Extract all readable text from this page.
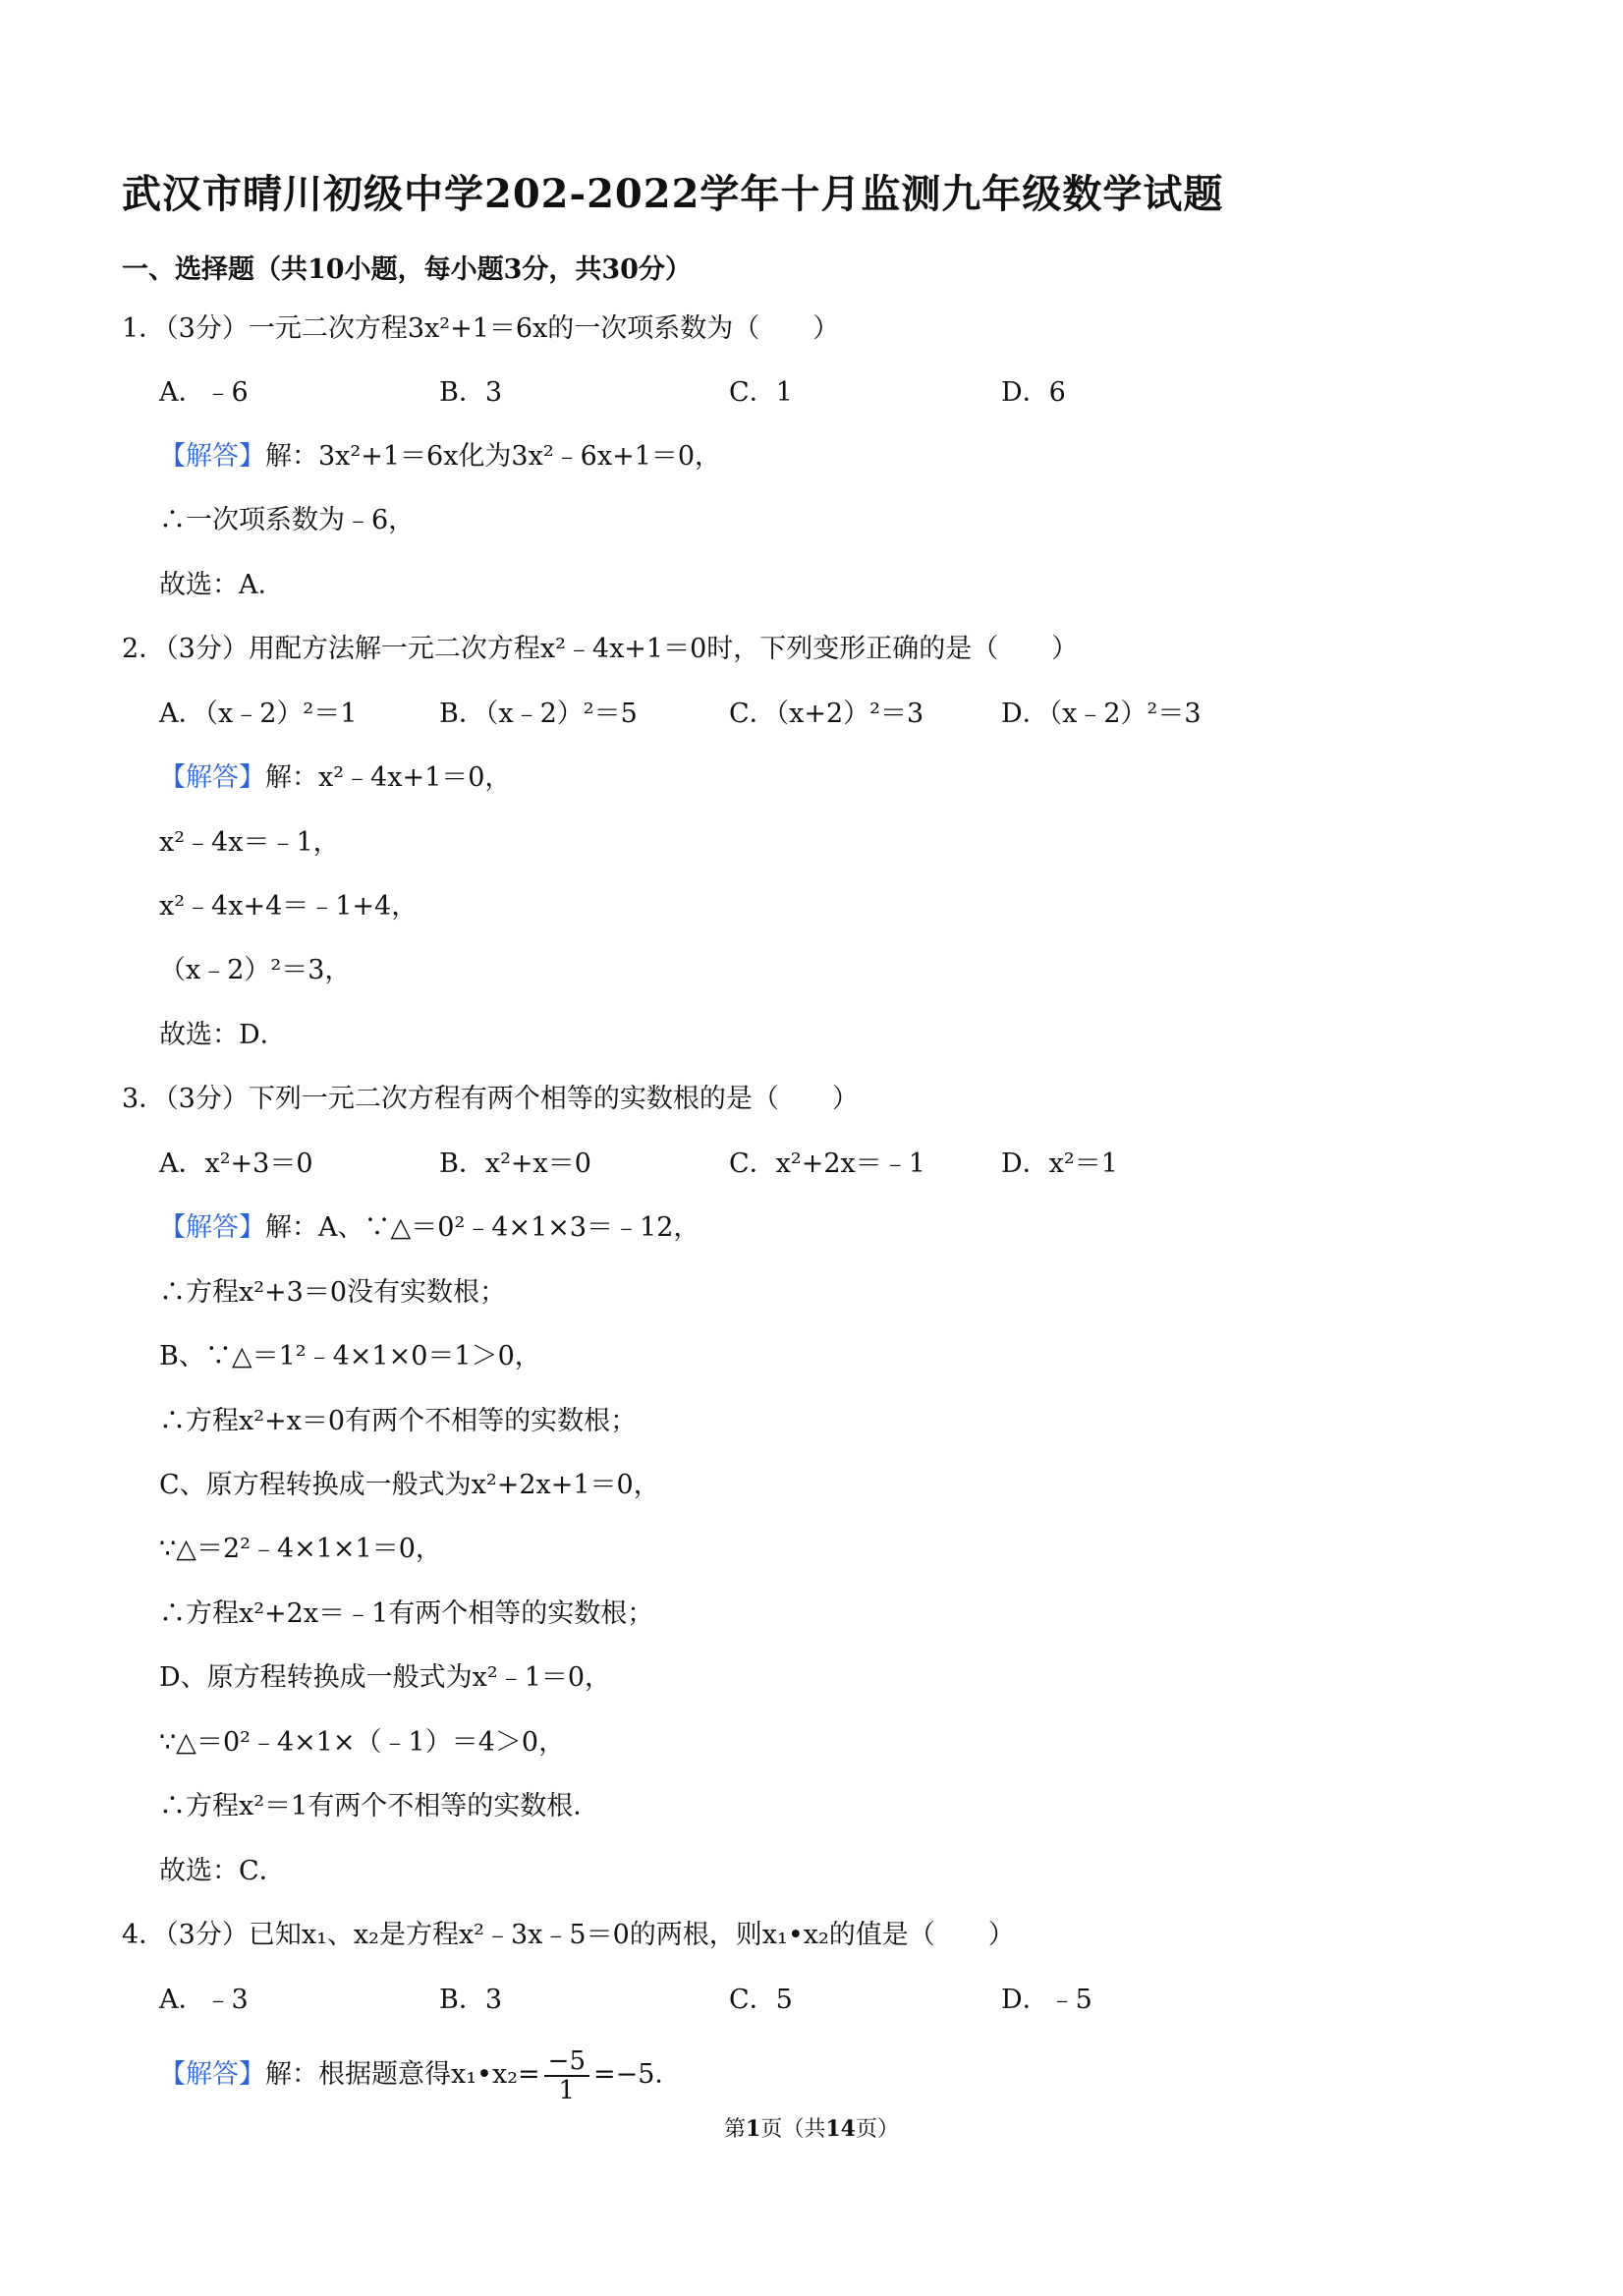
武汉市晴川初级中学202-2022学年十月监测九年级数学试题
一、选择题（共10小题，每小题3分，共30分）
1．（3分）一元二次方程3x²+1＝6x的一次项系数为（　　）
A．﹣6	B．3	C．1	D．6
【解答】解：3x²+1＝6x化为3x²﹣6x+1＝0，
∴一次项系数为﹣6，
故选：A．
2．（3分）用配方法解一元二次方程x²﹣4x+1＝0时，下列变形正确的是（　　）
A．（x﹣2）²＝1	B．（x﹣2）²＝5	C．（x+2）²＝3	D．（x﹣2）²＝3
【解答】解：x²﹣4x+1＝0，
x²﹣4x＝﹣1，
x²﹣4x+4＝﹣1+4，
（x﹣2）²＝3，
故选：D．
3．（3分）下列一元二次方程有两个相等的实数根的是（　　）
A．x²+3＝0	B．x²+x＝0	C．x²+2x＝﹣1	D．x²＝1
【解答】解：A、∵△＝0²﹣4×1×3＝﹣12，
∴方程x²+3＝0没有实数根；
B、∵△＝1²﹣4×1×0＝1＞0，
∴方程x²+x＝0有两个不相等的实数根；
C、原方程转换成一般式为x²+2x+1＝0，
∵△＝2²﹣4×1×1＝0，
∴方程x²+2x＝﹣1有两个相等的实数根；
D、原方程转换成一般式为x²﹣1＝0，
∵△＝0²﹣4×1×（﹣1）＝4＞0，
∴方程x²＝1有两个不相等的实数根．
故选：C．
4．（3分）已知x₁、x₂是方程x²﹣3x﹣5＝0的两根，则x₁•x₂的值是（　　）
A．﹣3	B．3	C．5	D．﹣5
【解答】解：根据题意得x₁•x₂= $\frac{-5}{1} =-5$．
第1页（共14页）
